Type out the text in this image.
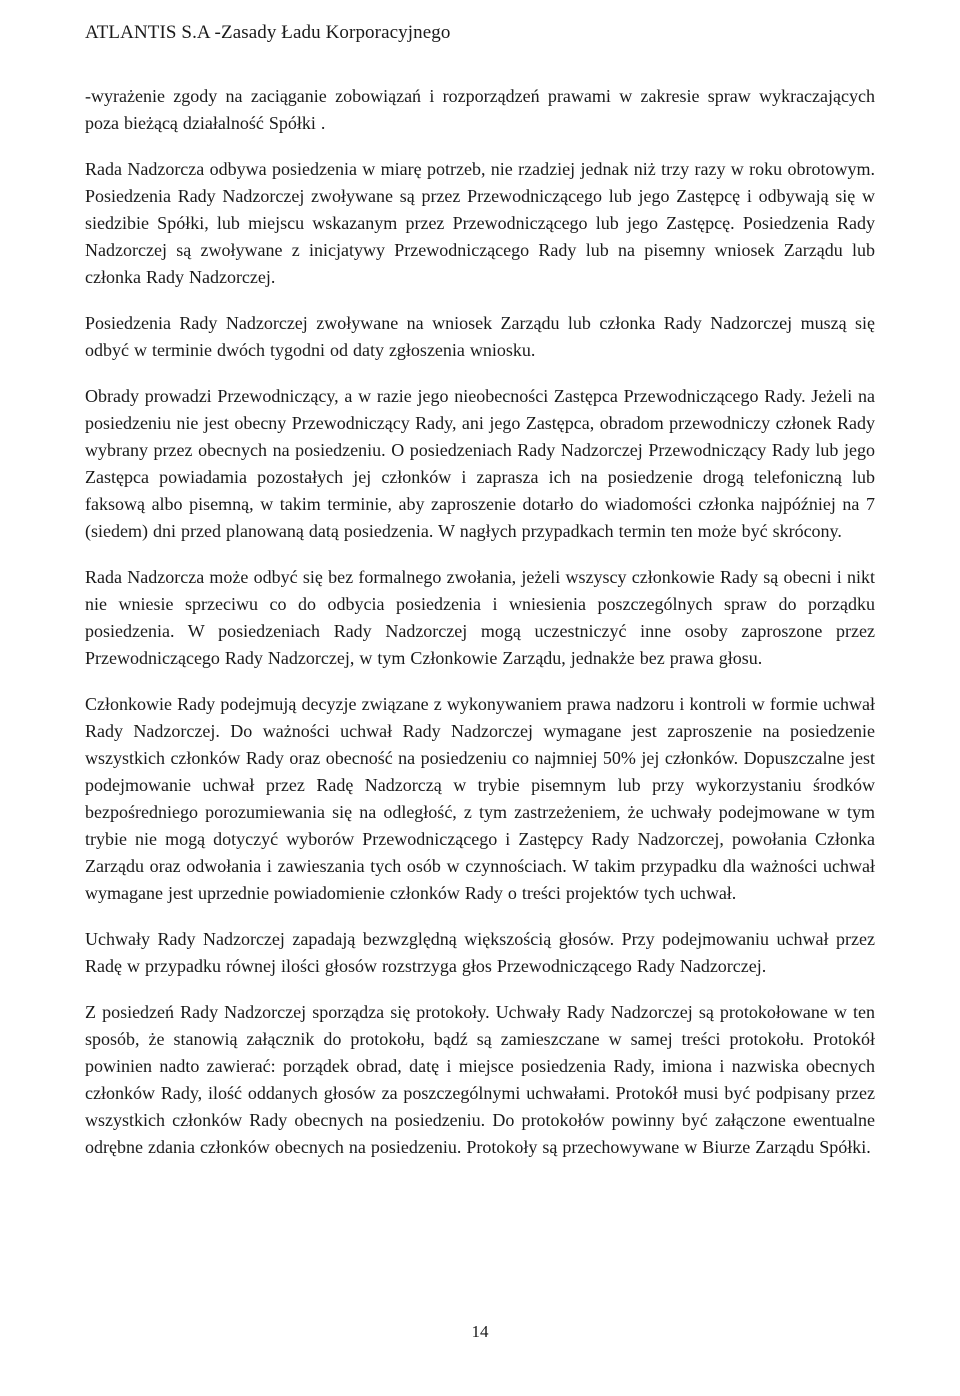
ATLANTIS S.A -Zasady Ładu Korporacyjnego

-wyrażenie zgody na zaciąganie zobowiązań i rozporządzeń prawami w zakresie spraw wykraczających poza bieżącą działalność Spółki .

Rada Nadzorcza odbywa posiedzenia w miarę potrzeb, nie rzadziej jednak niż trzy razy w roku obrotowym. Posiedzenia Rady Nadzorczej zwoływane są przez Przewodniczącego lub jego Zastępcę i odbywają się w siedzibie Spółki, lub miejscu wskazanym przez Przewodniczącego lub jego Zastępcę. Posiedzenia Rady Nadzorczej są zwoływane z inicjatywy Przewodniczącego Rady lub na pisemny wniosek Zarządu lub członka Rady Nadzorczej.

Posiedzenia Rady Nadzorczej zwoływane na wniosek Zarządu lub członka Rady Nadzorczej muszą się odbyć w terminie dwóch tygodni od daty zgłoszenia wniosku.

Obrady prowadzi Przewodniczący, a w razie jego nieobecności Zastępca Przewodniczącego Rady. Jeżeli na posiedzeniu nie jest obecny Przewodniczący Rady, ani jego Zastępca, obradom przewodniczy członek Rady wybrany przez obecnych na posiedzeniu. O posiedzeniach Rady Nadzorczej Przewodniczący Rady lub jego Zastępca powiadamia pozostałych jej członków i zaprasza ich na posiedzenie drogą telefoniczną lub faksową albo pisemną, w takim terminie, aby zaproszenie dotarło do wiadomości członka najpóźniej na 7 (siedem) dni przed planowaną datą posiedzenia. W nagłych przypadkach termin ten może być skrócony.

Rada Nadzorcza może odbyć się bez formalnego zwołania, jeżeli wszyscy członkowie Rady są obecni i nikt nie wniesie sprzeciwu co do odbycia posiedzenia i wniesienia poszczególnych spraw do porządku posiedzenia. W posiedzeniach Rady Nadzorczej mogą uczestniczyć inne osoby zaproszone przez Przewodniczącego Rady Nadzorczej, w tym Członkowie Zarządu, jednakże bez prawa głosu.

Członkowie Rady podejmują decyzje związane z wykonywaniem prawa nadzoru i kontroli w formie uchwał Rady Nadzorczej. Do ważności uchwał Rady Nadzorczej wymagane jest zaproszenie na posiedzenie wszystkich członków Rady oraz obecność na posiedzeniu co najmniej 50% jej członków. Dopuszczalne jest podejmowanie uchwał przez Radę Nadzorczą w trybie pisemnym lub przy wykorzystaniu środków bezpośredniego porozumiewania się na odległość, z tym zastrzeżeniem, że uchwały podejmowane w tym trybie nie mogą dotyczyć wyborów Przewodniczącego i Zastępcy Rady Nadzorczej, powołania Członka Zarządu oraz odwołania i zawieszania tych osób w czynnościach. W takim przypadku dla ważności uchwał wymagane jest uprzednie powiadomienie członków Rady o treści projektów tych uchwał.

Uchwały Rady Nadzorczej zapadają bezwzględną większością głosów. Przy podejmowaniu uchwał przez Radę w przypadku równej ilości głosów rozstrzyga głos Przewodniczącego Rady Nadzorczej.

Z posiedzeń Rady Nadzorczej sporządza się protokoły. Uchwały Rady Nadzorczej są protokołowane w ten sposób, że stanowią załącznik do protokołu, bądź są zamieszczane w samej treści protokołu. Protokół powinien nadto zawierać: porządek obrad, datę i miejsce posiedzenia Rady, imiona i nazwiska obecnych członków Rady, ilość oddanych głosów za poszczególnymi uchwałami. Protokół musi być podpisany przez wszystkich członków Rady obecnych na posiedzeniu. Do protokołów powinny być załączone ewentualne odrębne zdania członków obecnych na posiedzeniu. Protokoły są przechowywane w Biurze Zarządu Spółki.

14
